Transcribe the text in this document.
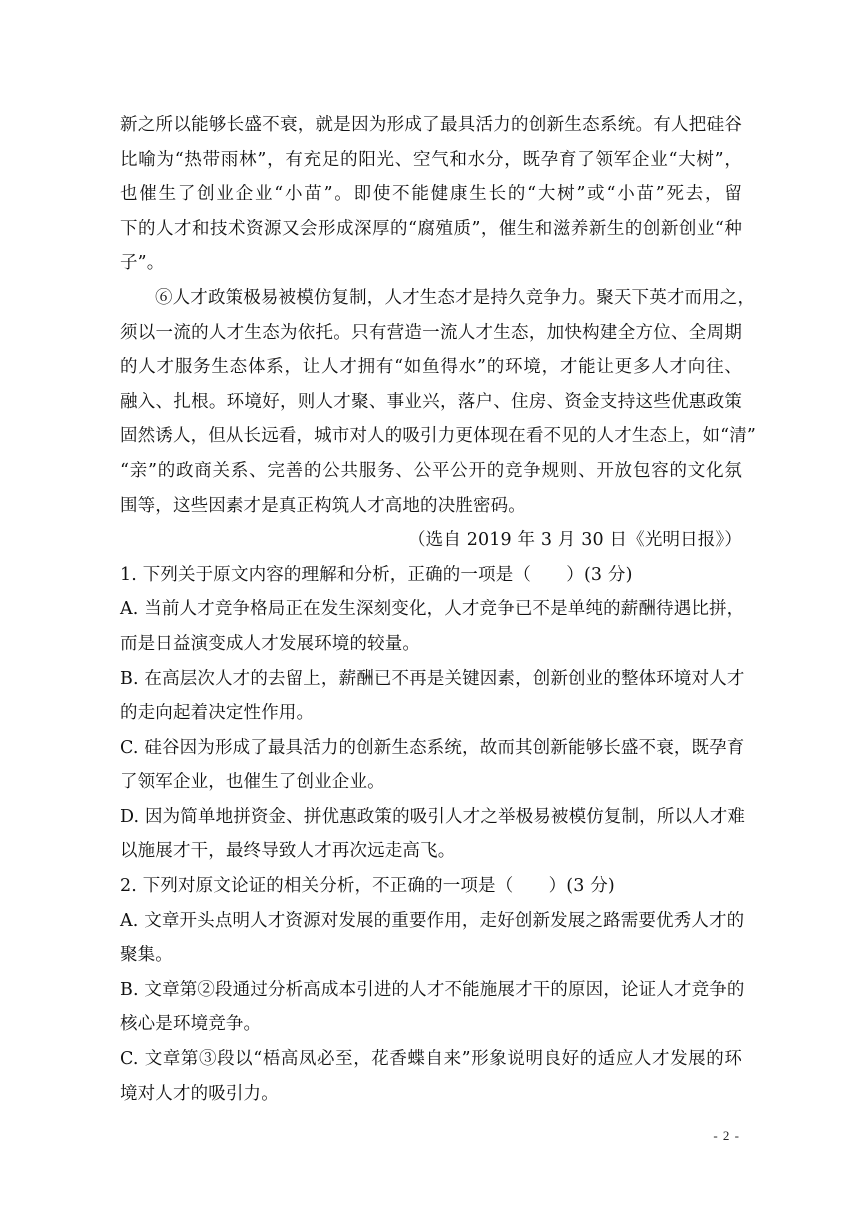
新之所以能够长盛不衰，就是因为形成了最具活力的创新生态系统。有人把硅谷
比喻为“热带雨林”，有充足的阳光、空气和水分，既孕育了领军企业“大树”，
也催生了创业企业“小苗”。即使不能健康生长的“大树”或“小苗”死去，留
下的人才和技术资源又会形成深厚的“腐殖质”，催生和滋养新生的创新创业“种
子”。
⑥人才政策极易被模仿复制，人才生态才是持久竞争力。聚天下英才而用之，
须以一流的人才生态为依托。只有营造一流人才生态，加快构建全方位、全周期
的人才服务生态体系，让人才拥有“如鱼得水”的环境，才能让更多人才向往、
融入、扎根。环境好，则人才聚、事业兴，落户、住房、资金支持这些优惠政策
固然诱人，但从长远看，城市对人的吸引力更体现在看不见的人才生态上，如“清”
“亲”的政商关系、完善的公共服务、公平公开的竞争规则、开放包容的文化氛
围等，这些因素才是真正构筑人才高地的决胜密码。
（选自 2019 年 3 月 30 日《光明日报》）
1. 下列关于原文内容的理解和分析，正确的一项是（　　）(3 分)
A. 当前人才竞争格局正在发生深刻变化，人才竞争已不是单纯的薪酬待遇比拼，
而是日益演变成人才发展环境的较量。
B. 在高层次人才的去留上，薪酬已不再是关键因素，创新创业的整体环境对人才
的走向起着决定性作用。
C. 硅谷因为形成了最具活力的创新生态系统，故而其创新能够长盛不衰，既孕育
了领军企业，也催生了创业企业。
D. 因为简单地拼资金、拼优惠政策的吸引人才之举极易被模仿复制，所以人才难
以施展才干，最终导致人才再次远走高飞。
2. 下列对原文论证的相关分析，不正确的一项是（　　）(3 分)
A. 文章开头点明人才资源对发展的重要作用，走好创新发展之路需要优秀人才的
聚集。
B. 文章第②段通过分析高成本引进的人才不能施展才干的原因，论证人才竞争的
核心是环境竞争。
C. 文章第③段以“梧高凤必至，花香蝶自来”形象说明良好的适应人才发展的环
境对人才的吸引力。
- 2 -
